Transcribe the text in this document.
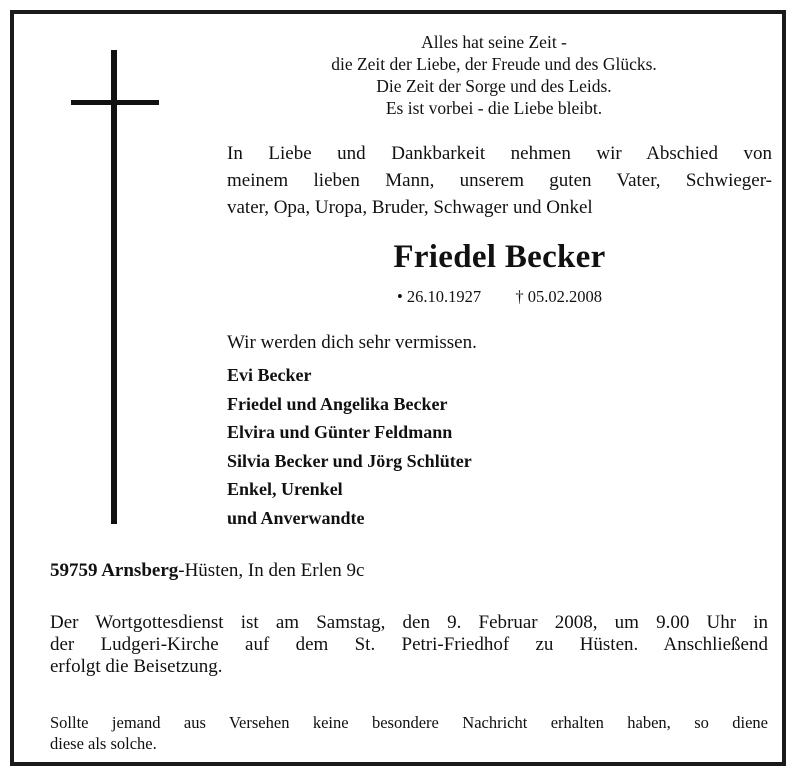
Alles hat seine Zeit -
die Zeit der Liebe, der Freude und des Glücks.
Die Zeit der Sorge und des Leids.
Es ist vorbei - die Liebe bleibt.
In Liebe und Dankbarkeit nehmen wir Abschied von
meinem lieben Mann, unserem guten Vater, Schwieger-
vater, Opa, Uropa, Bruder, Schwager und Onkel
Friedel Becker
• 26.10.1927 † 05.02.2008
Wir werden dich sehr vermissen.
Evi Becker
Friedel und Angelika Becker
Elvira und Günter Feldmann
Silvia Becker und Jörg Schlüter
Enkel, Urenkel
und Anverwandte
59759 Arnsberg-Hüsten, In den Erlen 9c
Der Wortgottesdienst ist am Samstag, den 9. Februar 2008, um 9.00 Uhr in
der Ludgeri-Kirche auf dem St. Petri-Friedhof zu Hüsten. Anschließend
erfolgt die Beisetzung.
Sollte jemand aus Versehen keine besondere Nachricht erhalten haben, so diene
diese als solche.
